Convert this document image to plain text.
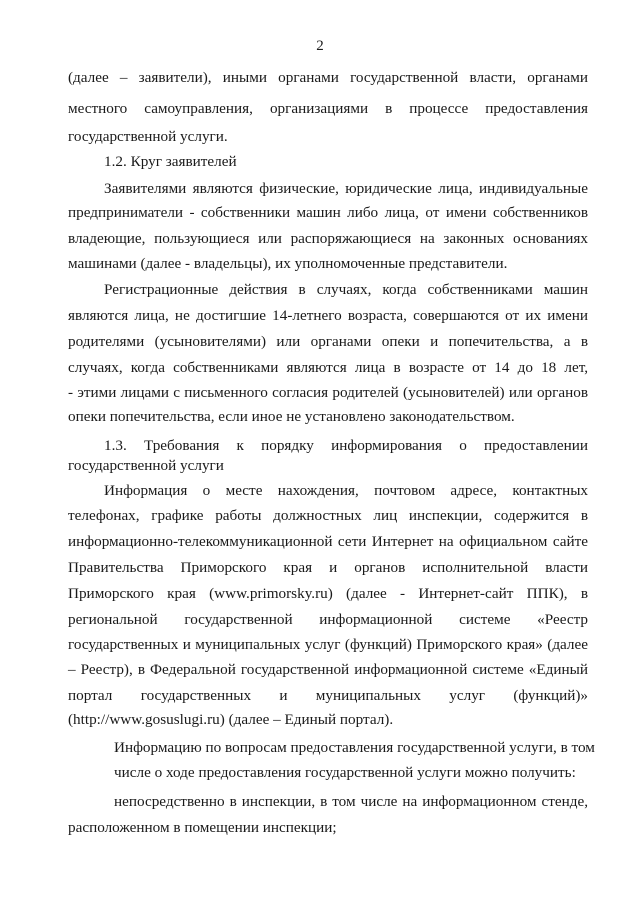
2
(далее – заявители), иными органами государственной власти, органами
местного самоуправления, организациями в процессе предоставления
государственной услуги.
1.2. Круг заявителей
Заявителями являются физические, юридические лица, индивидуальные
предприниматели - собственники машин либо лица, от имени собственников
владеющие, пользующиеся или распоряжающиеся на законных основаниях
машинами (далее - владельцы), их уполномоченные представители.
Регистрационные действия в случаях, когда собственниками машин
являются лица, не достигшие 14-летнего возраста, совершаются от их имени
родителями (усыновителями) или органами опеки и попечительства, а в
случаях, когда собственниками являются лица в возрасте от 14 до 18 лет,
- этими лицами с письменного согласия родителей (усыновителей) или органов
опеки попечительства, если иное не установлено законодательством.
1.3. Требования к порядку информирования о предоставлении
государственной услуги
Информация о месте нахождения, почтовом адресе, контактных
телефонах, графике работы должностных лиц инспекции, содержится в
информационно-телекоммуникационной сети Интернет на официальном сайте
Правительства Приморского края и органов исполнительной власти
Приморского края (www.primorsky.ru) (далее - Интернет-сайт ППК), в
региональной государственной информационной системе «Реестр
государственных и муниципальных услуг (функций) Приморского края» (далее
– Реестр), в Федеральной государственной информационной системе «Единый
портал государственных и муниципальных услуг (функций)»
(http://www.gosuslugi.ru) (далее – Единый портал).
Информацию по вопросам предоставления государственной услуги, в том
числе о ходе предоставления государственной услуги можно получить:
непосредственно в инспекции, в том числе на информационном стенде,
расположенном в помещении инспекции;
